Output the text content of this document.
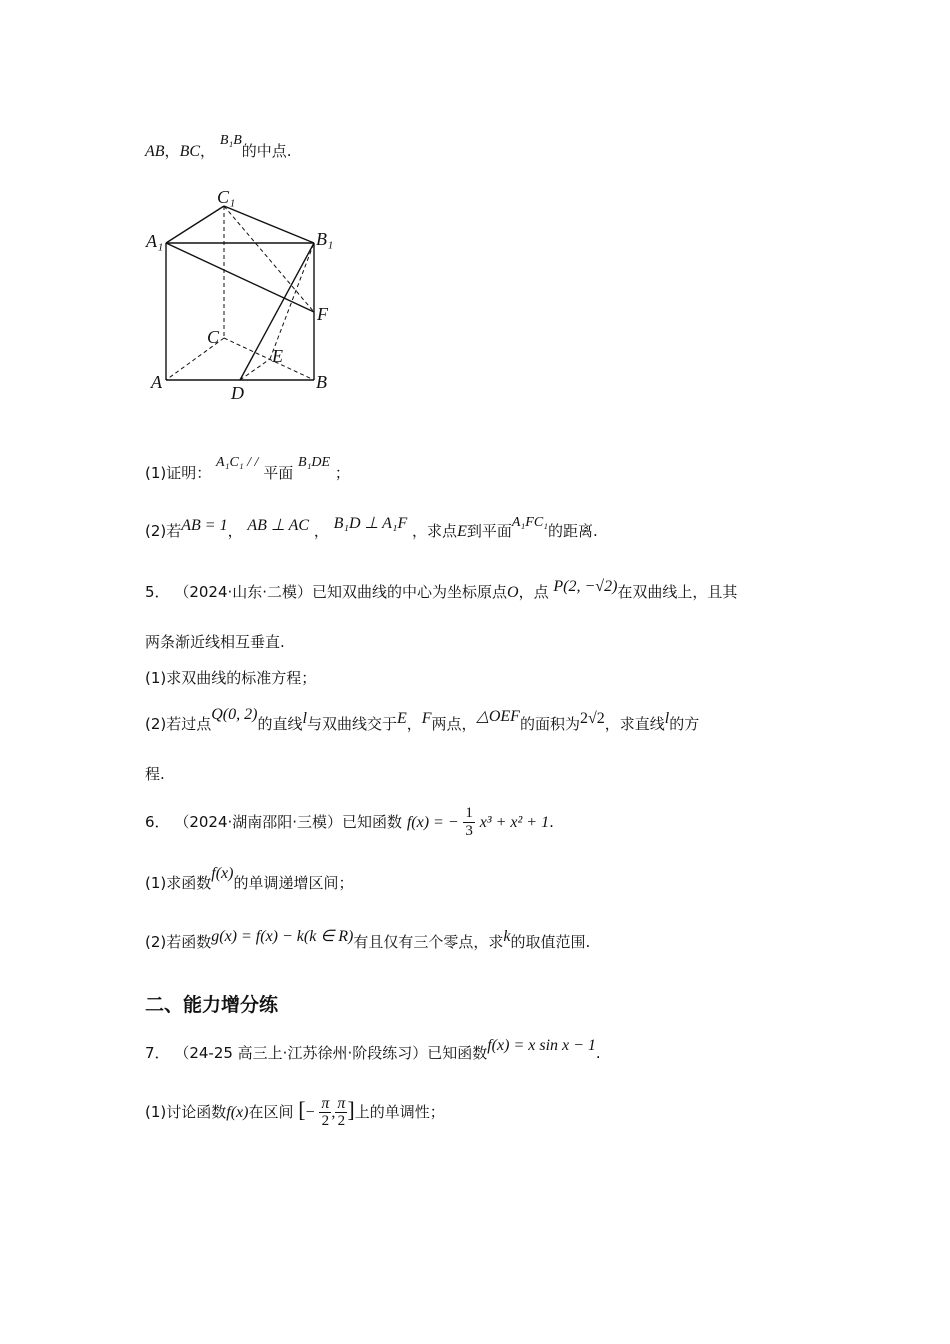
AB，BC， B₁B的中点.
C₁
A₁	B₁
F
C
E
A
D
B
(1)证明： A₁C₁ / / 平面 B₁DE ；
(2)若AB = 1， AB ⊥ AC ， B₁D ⊥ A₁F ，求点E到平面A₁FC₁的距离.
5． （2024·山东·二模）已知双曲线的中心为坐标原点O，点 P(2, −√2)在双曲线上，且其
两条渐近线相互垂直.
(1)求双曲线的标准方程；
(2)若过点Q(0, 2)的直线l与双曲线交于E，F两点，△OEF的面积为2√2，求直线l的方
程.
6． （2024·湖南邵阳·三模）已知函数 f(x) = − $\frac{1}{3} x^3 + x^2 + 1$.
(1)求函数f(x)的单调递增区间；
(2)若函数g(x) = f(x) − k(k ∈ R)有且仅有三个零点，求k的取值范围.
二、能力增分练
7． （24-25 高三上·江苏徐州·阶段练习）已知函数f(x) = x sin x − 1.
(1)讨论函数f(x)在区间 [− $\frac{\pi}{2}$ , $\frac{\pi}{2}$ ]上的单调性；
